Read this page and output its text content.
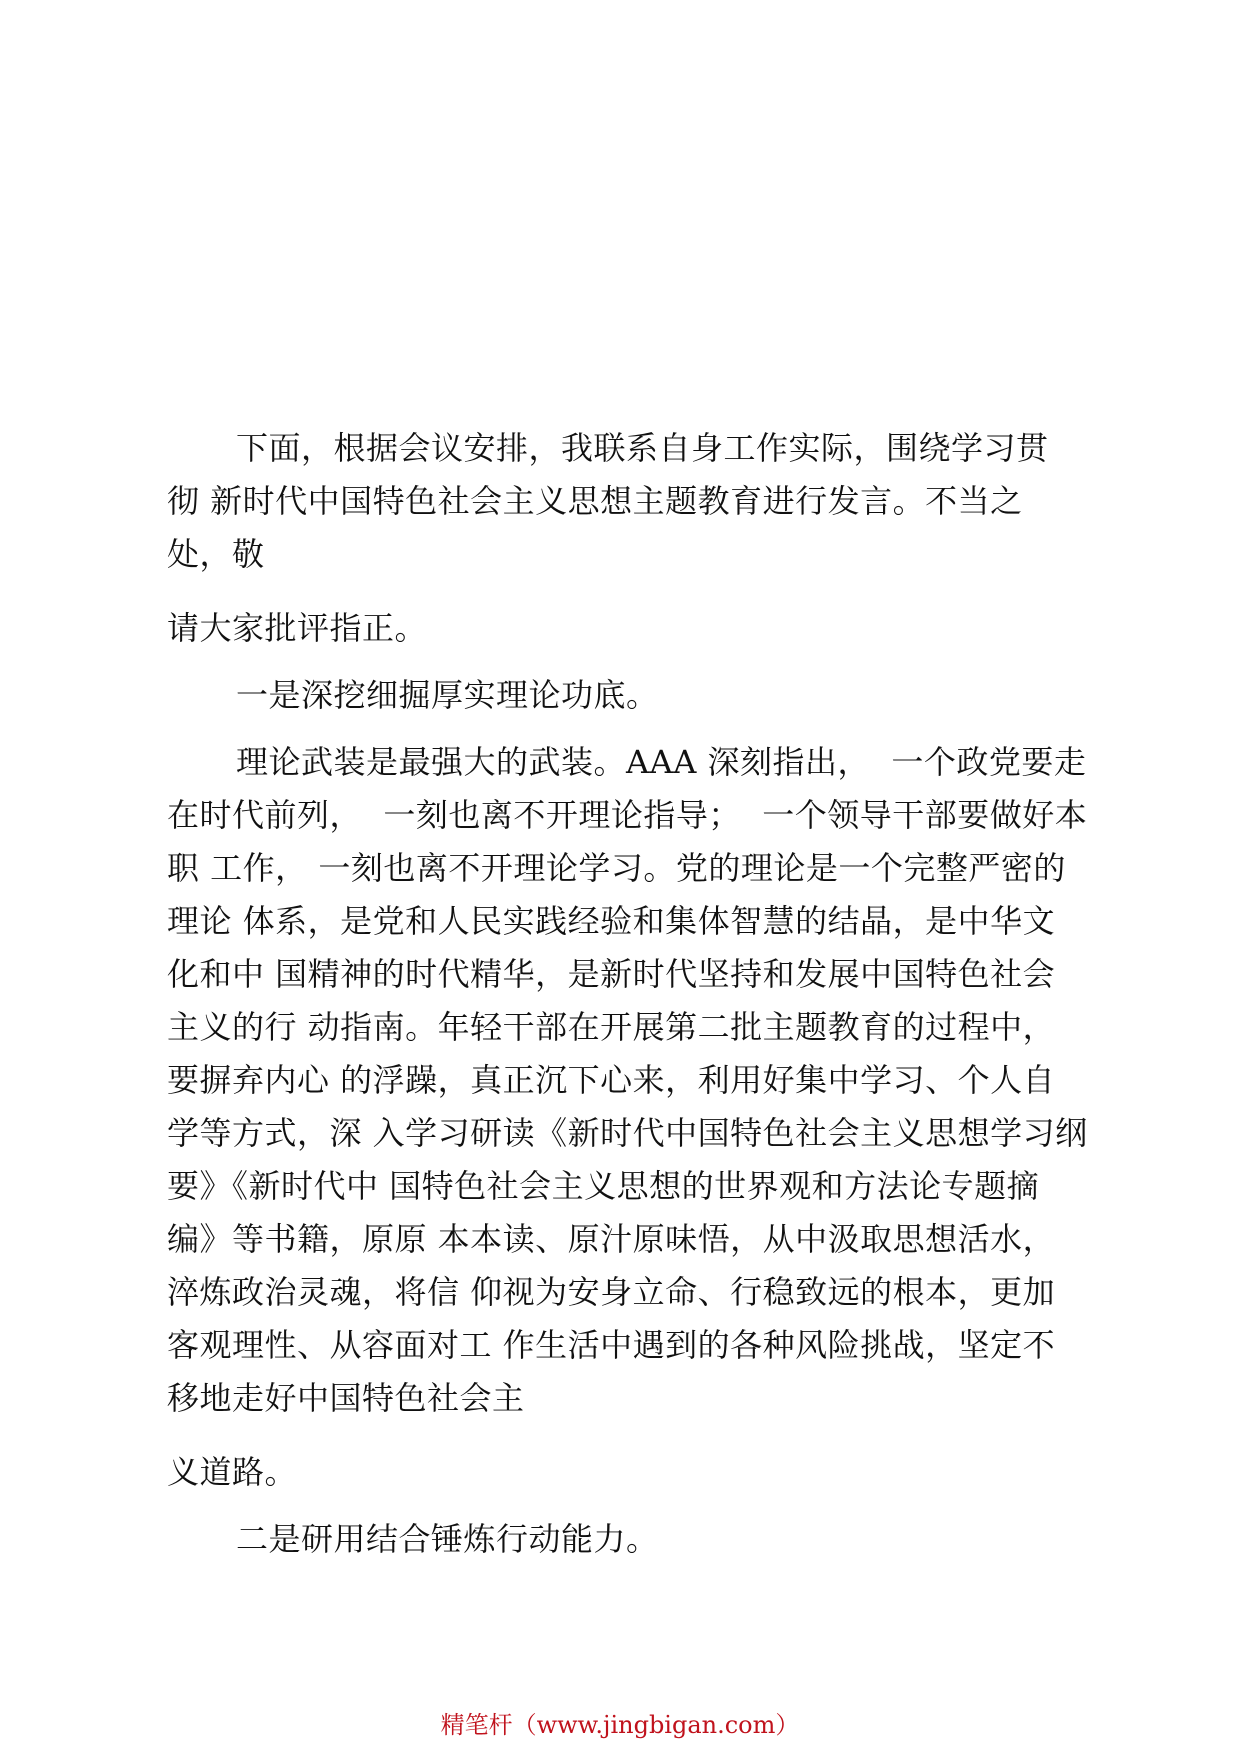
下面，根据会议安排，我联系自身工作实际，围绕学习贯
彻 新时代中国特色社会主义思想主题教育进行发言。不当之
处，敬
请大家批评指正。
一是深挖细掘厚实理论功底。
理论武装是最强大的武装。AAA 深刻指出，  一个政党要走
在时代前列，  一刻也离不开理论指导；  一个领导干部要做好本
职 工作， 一刻也离不开理论学习。党的理论是一个完整严密的
理论 体系，是党和人民实践经验和集体智慧的结晶，是中华文
化和中 国精神的时代精华，是新时代坚持和发展中国特色社会
主义的行 动指南。年轻干部在开展第二批主题教育的过程中，
要摒弃内心 的浮躁，真正沉下心来，利用好集中学习、个人自
学等方式，深 入学习研读《新时代中国特色社会主义思想学习纲
要》《新时代中 国特色社会主义思想的世界观和方法论专题摘
编》等书籍，原原 本本读、原汁原味悟，从中汲取思想活水，
淬炼政治灵魂，将信 仰视为安身立命、行稳致远的根本，更加
客观理性、从容面对工 作生活中遇到的各种风险挑战，坚定不
移地走好中国特色社会主
义道路。
二是研用结合锤炼行动能力。
精笔杆（www.jingbigan.com）
